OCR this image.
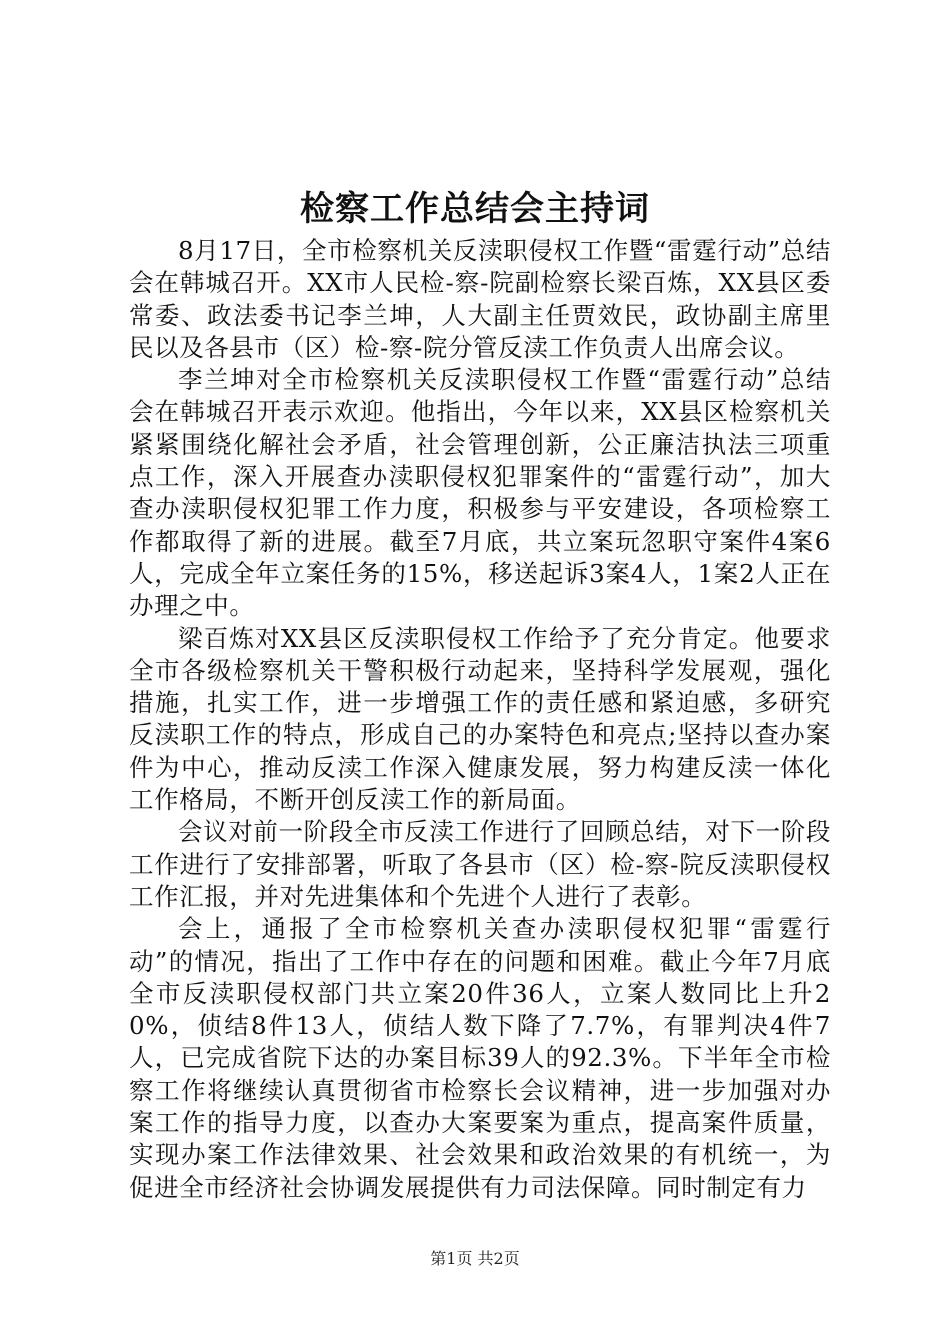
检察工作总结会主持词

8月17日，全市检察机关反渎职侵权工作暨“雷霆行动”总结会在韩城召开。XX市人民检-察-院副检察长梁百炼，XX县区委常委、政法委书记李兰坤，人大副主任贾效民，政协副主席里民以及各县市（区）检-察-院分管反渎工作负责人出席会议。

李兰坤对全市检察机关反渎职侵权工作暨“雷霆行动”总结会在韩城召开表示欢迎。他指出，今年以来，XX县区检察机关紧紧围绕化解社会矛盾，社会管理创新，公正廉洁执法三项重点工作，深入开展查办渎职侵权犯罪案件的“雷霆行动”，加大查办渎职侵权犯罪工作力度，积极参与平安建设，各项检察工作都取得了新的进展。截至7月底，共立案玩忽职守案件4案6人，完成全年立案任务的15%，移送起诉3案4人，1案2人正在办理之中。

梁百炼对XX县区反渎职侵权工作给予了充分肯定。他要求全市各级检察机关干警积极行动起来，坚持科学发展观，强化措施，扎实工作，进一步增强工作的责任感和紧迫感，多研究反渎职工作的特点，形成自己的办案特色和亮点;坚持以查办案件为中心，推动反渎工作深入健康发展，努力构建反渎一体化工作格局，不断开创反渎工作的新局面。

会议对前一阶段全市反渎工作进行了回顾总结，对下一阶段工作进行了安排部署，听取了各县市（区）检-察-院反渎职侵权工作汇报，并对先进集体和个先进个人进行了表彰。

会上，通报了全市检察机关查办渎职侵权犯罪“雷霆行动”的情况，指出了工作中存在的问题和困难。截止今年7月底全市反渎职侵权部门共立案20件36人，立案人数同比上升20%，侦结8件13人，侦结人数下降了7.7%，有罪判决4件7人，已完成省院下达的办案目标39人的92.3%。下半年全市检察工作将继续认真贯彻省市检察长会议精神，进一步加强对办案工作的指导力度，以查办大案要案为重点，提高案件质量，实现办案工作法律效果、社会效果和政治效果的有机统一，为促进全市经济社会协调发展提供有力司法保障。同时制定有力

第1页 共2页
